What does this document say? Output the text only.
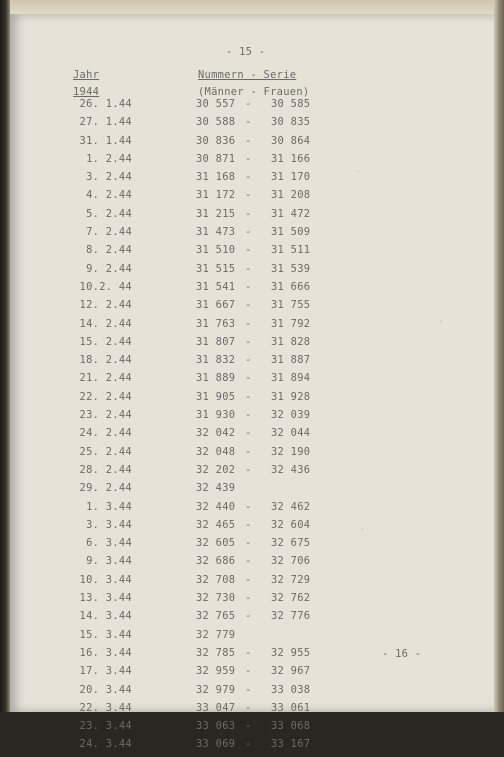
- 15 -
Jahr
1944
Nummern - Serie
(Männer - Frauen)
26. 1.44	30 557 - 30 585
27. 1.44	30 588 - 30 835
31. 1.44	30 836 - 30 864
1. 2.44	30 871 - 31 166
3. 2.44	31 168 - 31 170
4. 2.44	31 172 - 31 208
5. 2.44	31 215 - 31 472
7. 2.44	31 473 - 31 509
8. 2.44	31 510 - 31 511
9. 2.44	31 515 - 31 539
10.2. 44	31 541 - 31 666
12. 2.44	31 667 - 31 755
14. 2.44	31 763 - 31 792
15. 2.44	31 807 - 31 828
18. 2.44	31 832 - 31 887
21. 2.44	31 889 - 31 894
22. 2.44	31 905 - 31 928
23. 2.44	31 930 - 32 039
24. 2.44	32 042 - 32 044
25. 2.44	32 048 - 32 190
28. 2.44	32 202 - 32 436
29. 2.44	32 439
1. 3.44	32 440 - 32 462
3. 3.44	32 465 - 32 604
6. 3.44	32 605 - 32 675
9. 3.44	32 686 - 32 706
10. 3.44	32 708 - 32 729
13. 3.44	32 730 - 32 762
14. 3.44	32 765 - 32 776
15. 3.44	32 779
16. 3.44	32 785 - 32 955
17. 3.44	32 959 - 32 967
20. 3.44	32 979 - 33 038
22. 3.44	33 047 - 33 061
23. 3.44	33 063 - 33 068
24. 3.44	33 069 - 33 167
- 16 -
·
·
·
